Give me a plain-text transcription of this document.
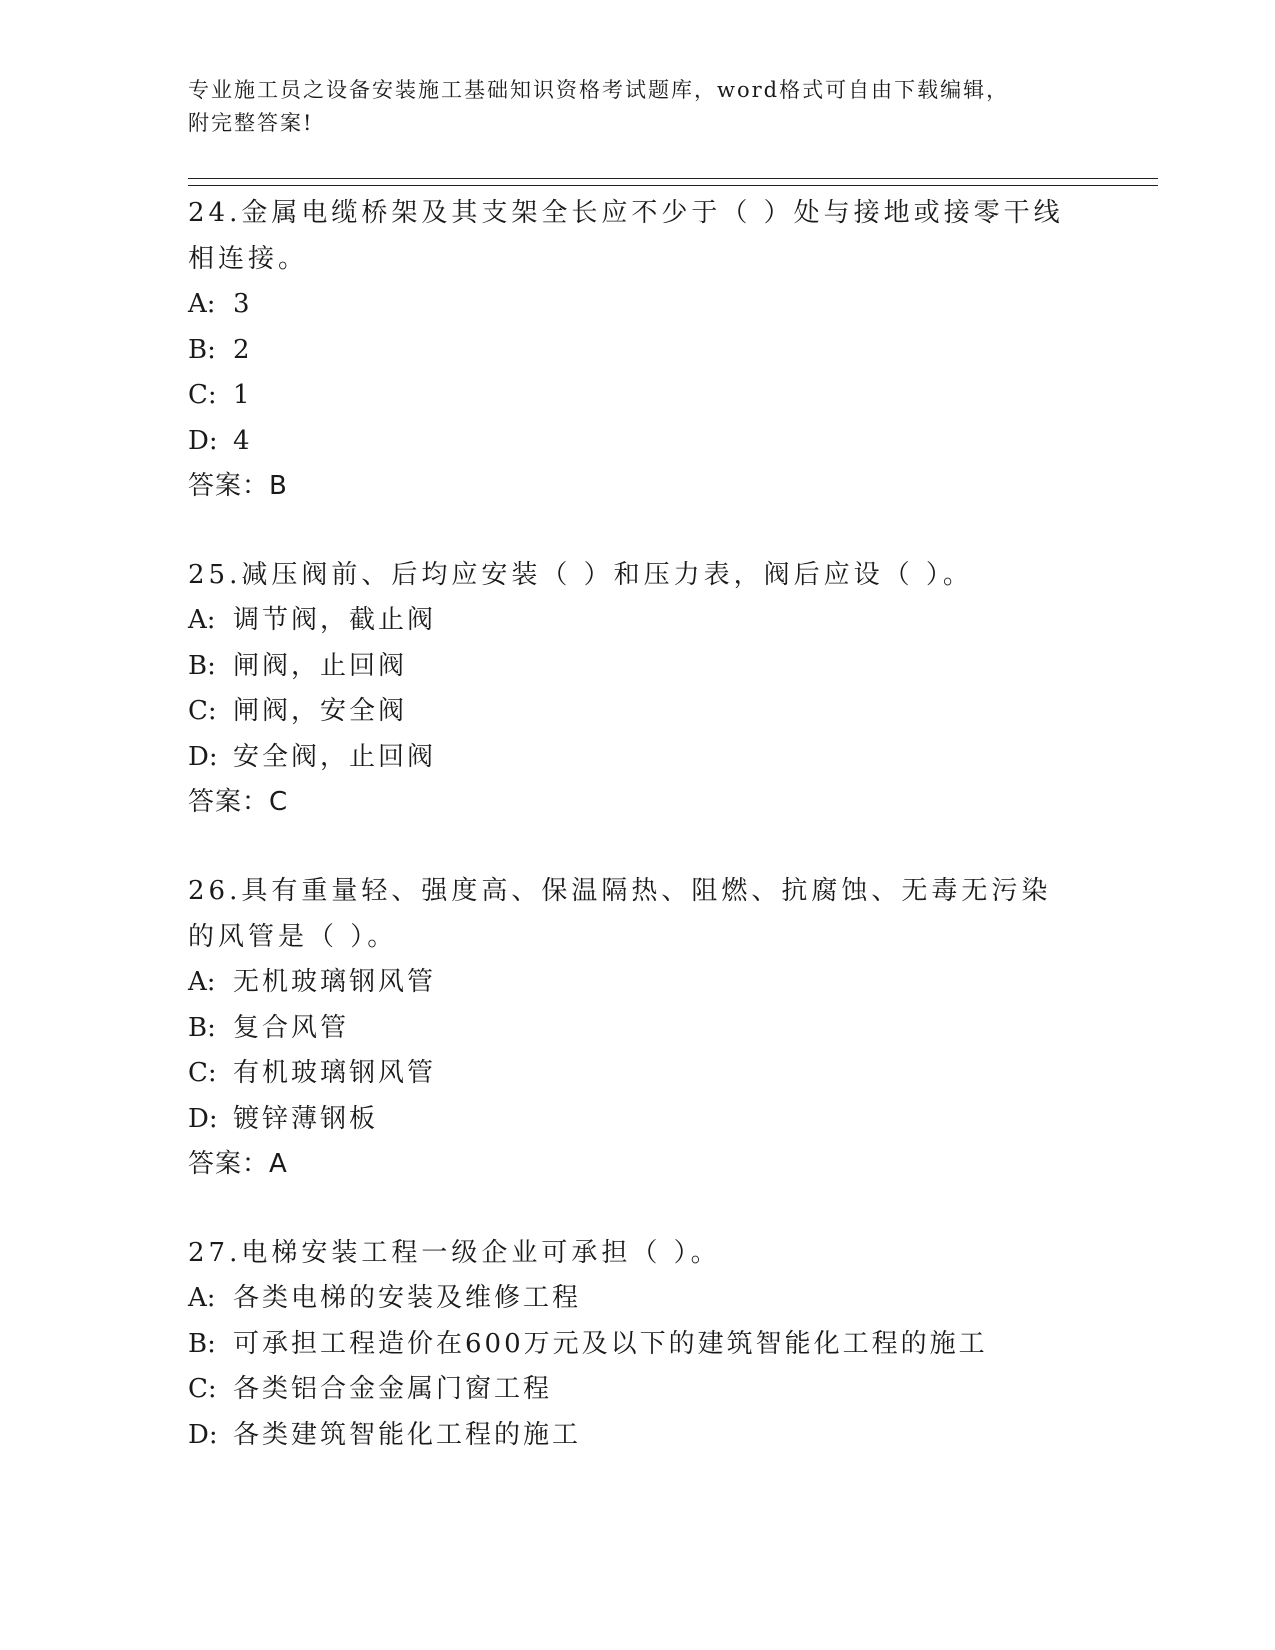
专业施工员之设备安装施工基础知识资格考试题库，word格式可自由下载编辑，
附完整答案!
24.金属电缆桥架及其支架全长应不少于（ ）处与接地或接零干线相连接。
A: 3
B: 2
C: 1
D: 4
答案：B
25.减压阀前、后均应安装（ ）和压力表，阀后应设（ ）。
A: 调节阀，截止阀
B: 闸阀，止回阀
C: 闸阀，安全阀
D: 安全阀，止回阀
答案：C
26.具有重量轻、强度高、保温隔热、阻燃、抗腐蚀、无毒无污染的风管是（ ）。
A: 无机玻璃钢风管
B: 复合风管
C: 有机玻璃钢风管
D: 镀锌薄钢板
答案：A
27.电梯安装工程一级企业可承担（ ）。
A: 各类电梯的安装及维修工程
B: 可承担工程造价在600万元及以下的建筑智能化工程的施工
C: 各类铝合金金属门窗工程
D: 各类建筑智能化工程的施工
